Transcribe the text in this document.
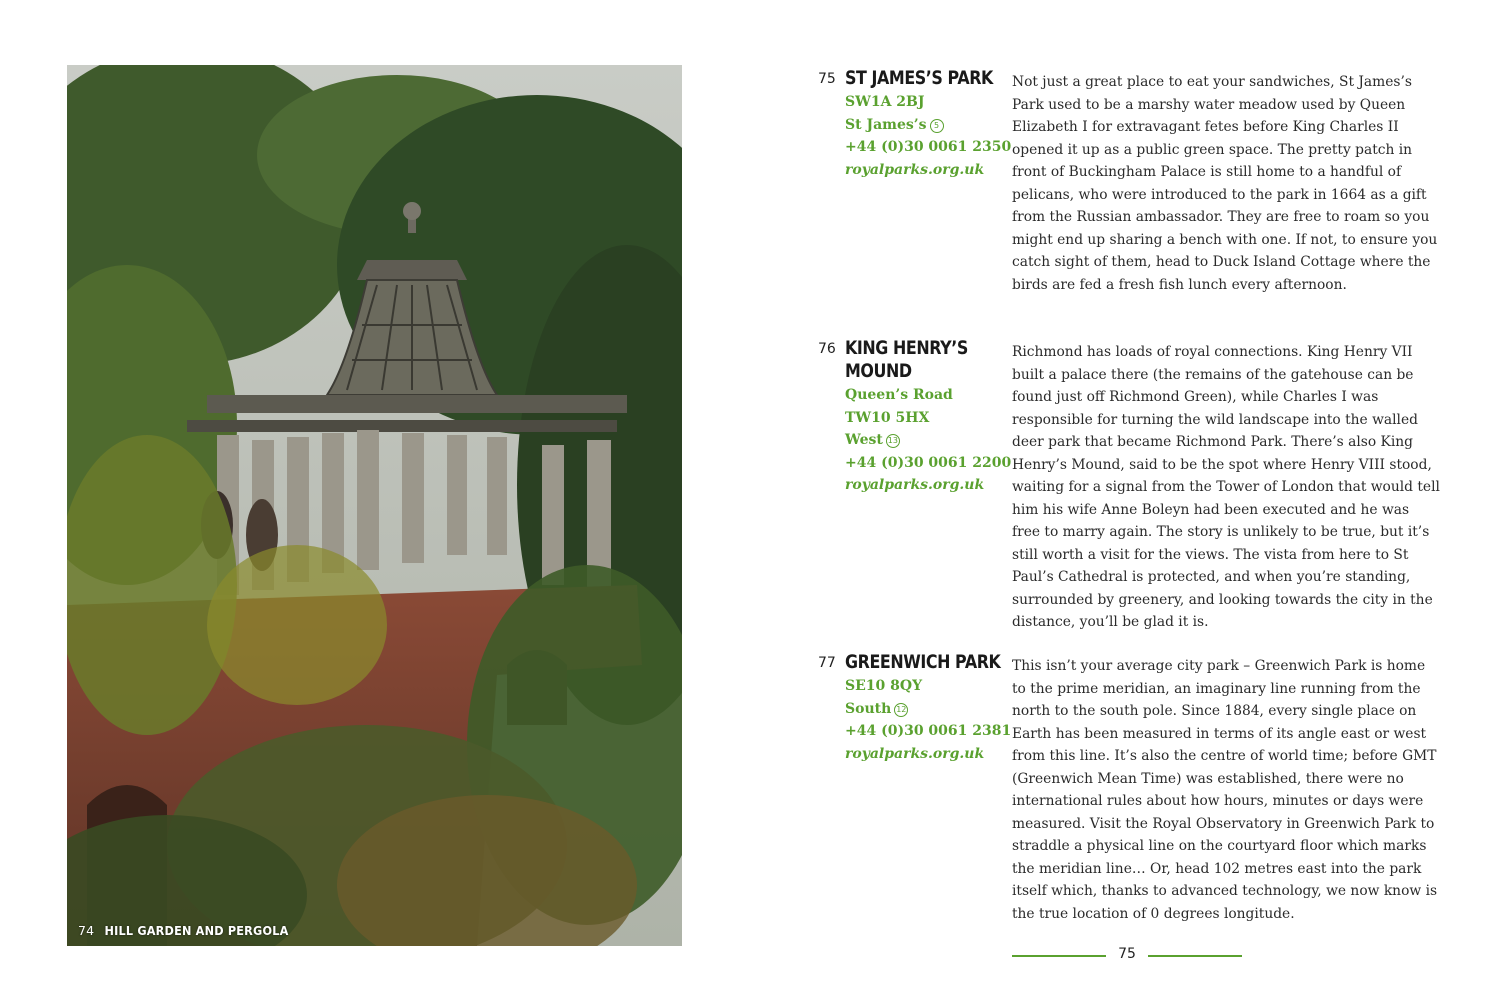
74 HILL GARDEN AND PERGOLA
75 ST JAMES’S PARK
SW1A 2BJ
St James’s 5
+44 (0)30 0061 2350
royalparks.org.uk
Not just a great place to eat your sandwiches, St James’s Park used to be a marshy water meadow used by Queen Elizabeth I for extravagant fetes before King Charles II opened it up as a public green space. The pretty patch in front of Buckingham Palace is still home to a handful of pelicans, who were introduced to the park in 1664 as a gift from the Russian ambassador. They are free to roam so you might end up sharing a bench with one. If not, to ensure you catch sight of them, head to Duck Island Cottage where the birds are fed a fresh fish lunch every afternoon.
76 KING HENRY’S
MOUND
Queen’s Road
TW10 5HX
West 13
+44 (0)30 0061 2200
royalparks.org.uk
Richmond has loads of royal connections. King Henry VII built a palace there (the remains of the gatehouse can be found just off Richmond Green), while Charles I was responsible for turning the wild landscape into the walled deer park that became Richmond Park. There’s also King Henry’s Mound, said to be the spot where Henry VIII stood, waiting for a signal from the Tower of London that would tell him his wife Anne Boleyn had been executed and he was free to marry again. The story is unlikely to be true, but it’s still worth a visit for the views. The vista from here to St Paul’s Cathedral is protected, and when you’re standing, surrounded by greenery, and looking towards the city in the distance, you’ll be glad it is.
77 GREENWICH PARK
SE10 8QY
South 12
+44 (0)30 0061 2381
royalparks.org.uk
This isn’t your average city park – Greenwich Park is home to the prime meridian, an imaginary line running from the north to the south pole. Since 1884, every single place on Earth has been measured in terms of its angle east or west from this line. It’s also the centre of world time; before GMT (Greenwich Mean Time) was established, there were no international rules about how hours, minutes or days were measured. Visit the Royal Observatory in Greenwich Park to straddle a physical line on the courtyard floor which marks the meridian line… Or, head 102 metres east into the park itself which, thanks to advanced technology, we now know is the true location of 0 degrees longitude.
75
